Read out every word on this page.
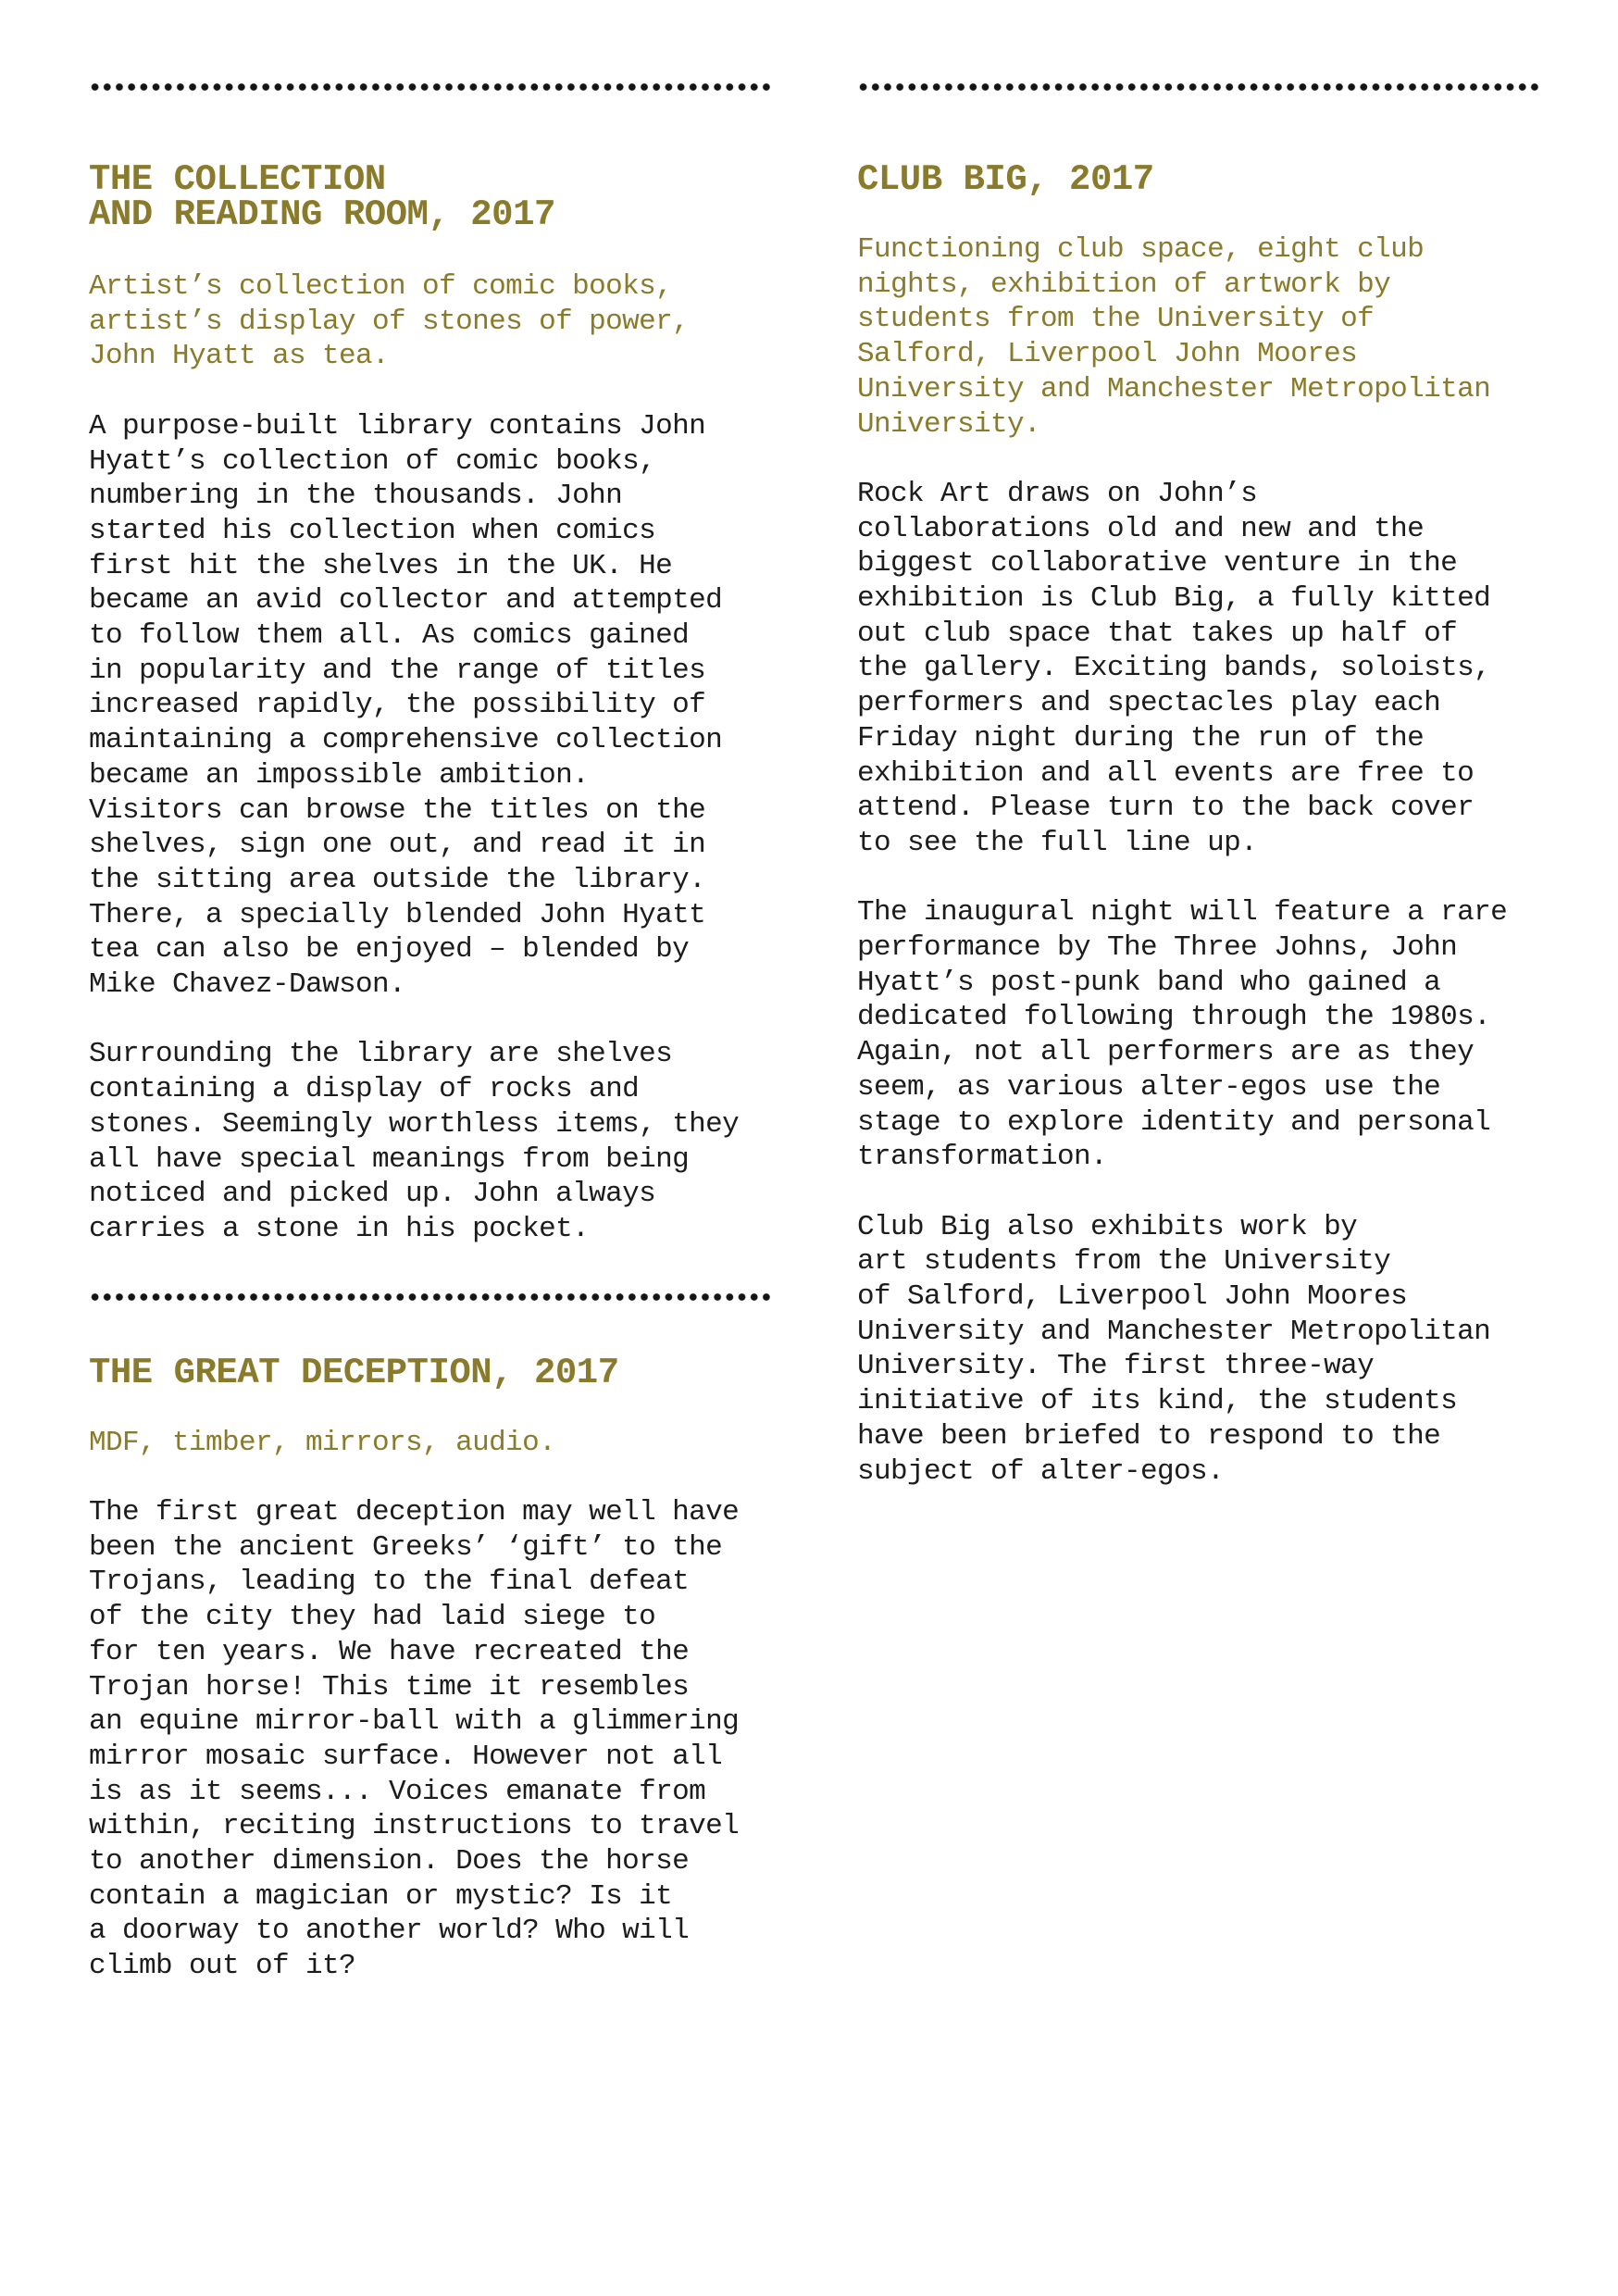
THE COLLECTION
AND READING ROOM, 2017

Artist’s collection of comic books,
artist’s display of stones of power,
John Hyatt as tea.

A purpose-built library contains John
Hyatt’s collection of comic books,
numbering in the thousands. John
started his collection when comics
first hit the shelves in the UK. He
became an avid collector and attempted
to follow them all. As comics gained
in popularity and the range of titles
increased rapidly, the possibility of
maintaining a comprehensive collection
became an impossible ambition.
Visitors can browse the titles on the
shelves, sign one out, and read it in
the sitting area outside the library.
There, a specially blended John Hyatt
tea can also be enjoyed – blended by
Mike Chavez-Dawson.

Surrounding the library are shelves
containing a display of rocks and
stones. Seemingly worthless items, they
all have special meanings from being
noticed and picked up. John always
carries a stone in his pocket.

THE GREAT DECEPTION, 2017

MDF, timber, mirrors, audio.

The first great deception may well have
been the ancient Greeks’ ‘gift’ to the
Trojans, leading to the final defeat
of the city they had laid siege to
for ten years. We have recreated the
Trojan horse! This time it resembles
an equine mirror-ball with a glimmering
mirror mosaic surface. However not all
is as it seems... Voices emanate from
within, reciting instructions to travel
to another dimension. Does the horse
contain a magician or mystic? Is it
a doorway to another world? Who will
climb out of it?

CLUB BIG, 2017

Functioning club space, eight club
nights, exhibition of artwork by
students from the University of
Salford, Liverpool John Moores
University and Manchester Metropolitan
University.

Rock Art draws on John’s
collaborations old and new and the
biggest collaborative venture in the
exhibition is Club Big, a fully kitted
out club space that takes up half of
the gallery. Exciting bands, soloists,
performers and spectacles play each
Friday night during the run of the
exhibition and all events are free to
attend. Please turn to the back cover
to see the full line up.

The inaugural night will feature a rare
performance by The Three Johns, John
Hyatt’s post-punk band who gained a
dedicated following through the 1980s.
Again, not all performers are as they
seem, as various alter-egos use the
stage to explore identity and personal
transformation.

Club Big also exhibits work by
art students from the University
of Salford, Liverpool John Moores
University and Manchester Metropolitan
University. The first three-way
initiative of its kind, the students
have been briefed to respond to the
subject of alter-egos.
